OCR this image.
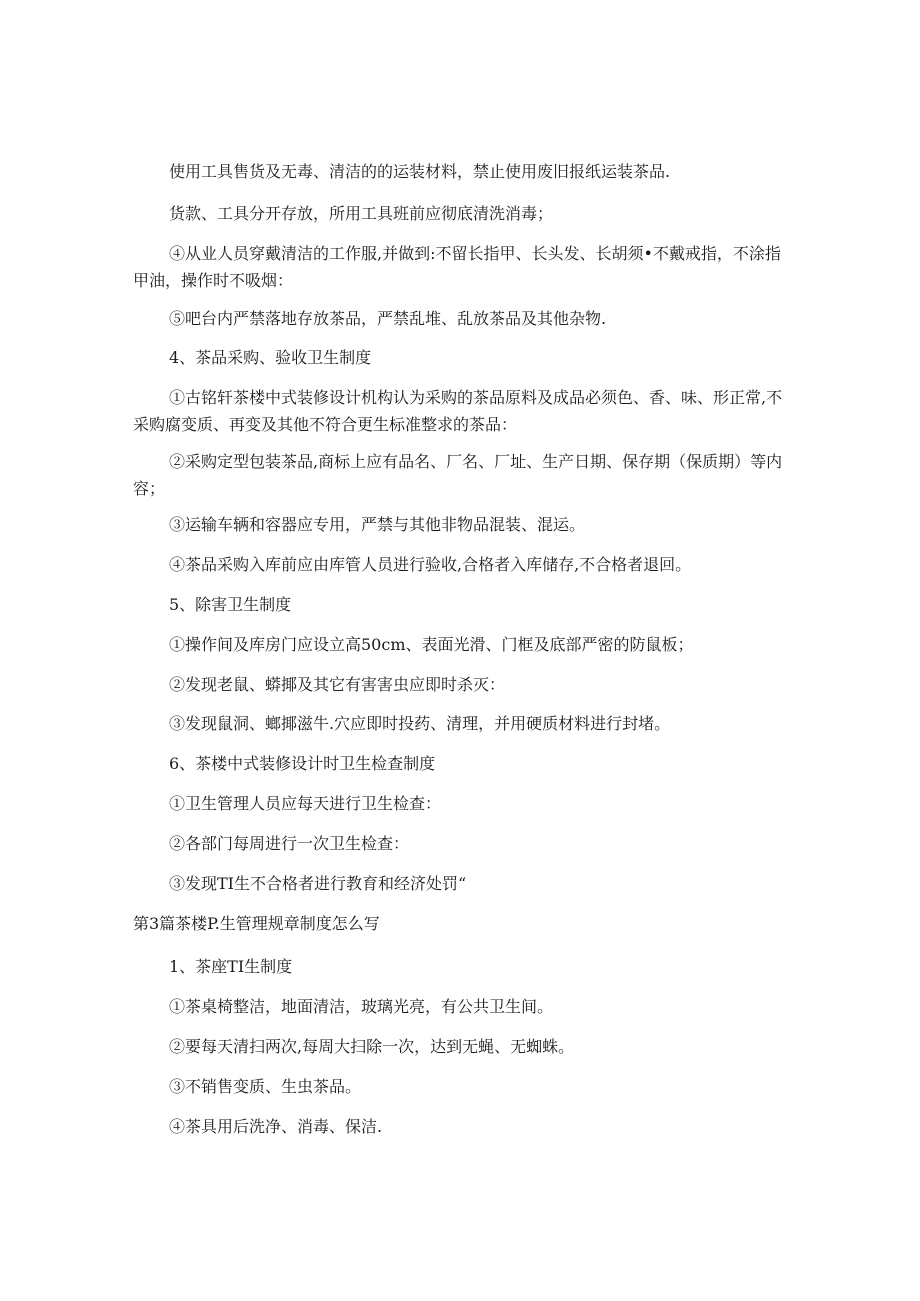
使用工具售货及无毒、清洁的的运装材料，禁止使用废旧报纸运装茶品.

货款、工具分开存放，所用工具班前应彻底清洗消毒；

④从业人员穿戴清洁的工作服,并做到:不留长指甲、长头发、长胡须•不戴戒指，不涂指甲油，操作时不吸烟：

⑤吧台内严禁落地存放茶品，严禁乱堆、乱放茶品及其他杂物.

4、茶品采购、验收卫生制度

①古铭轩茶楼中式装修设计机构认为采购的茶品原料及成品必须色、香、味、形正常,不采购腐变质、再变及其他不符合更生标准整求的茶品：

②采购定型包装茶品,商标上应有品名、厂名、厂址、生产日期、保存期（保质期）等内容；

③运输车辆和容器应专用，严禁与其他非物品混装、混运。

④茶品采购入库前应由库管人员进行验收,合格者入库储存,不合格者退回。

5、除害卫生制度

①操作间及库房门应设立高50cm、表面光滑、门框及底部严密的防鼠板；

②发现老鼠、蟒揶及其它有害害虫应即时杀灭：

③发现鼠洞、螂揶滋牛.穴应即时投药、清理，并用硬质材料进行封堵。

6、茶楼中式装修设计时卫生检查制度

①卫生管理人员应每天进行卫生检查：

②各部门每周进行一次卫生检查：

③发现TI生不合格者进行教育和经济处罚“

第3篇茶楼P.生管理规章制度怎么写

1、茶座TI生制度

①茶桌椅整洁，地面清洁，玻璃光亮，有公共卫生间。

②要每天清扫两次,每周大扫除一次，达到无蝇、无蜘蛛。

③不销售变质、生虫茶品。

④茶具用后洗净、消毒、保洁.
